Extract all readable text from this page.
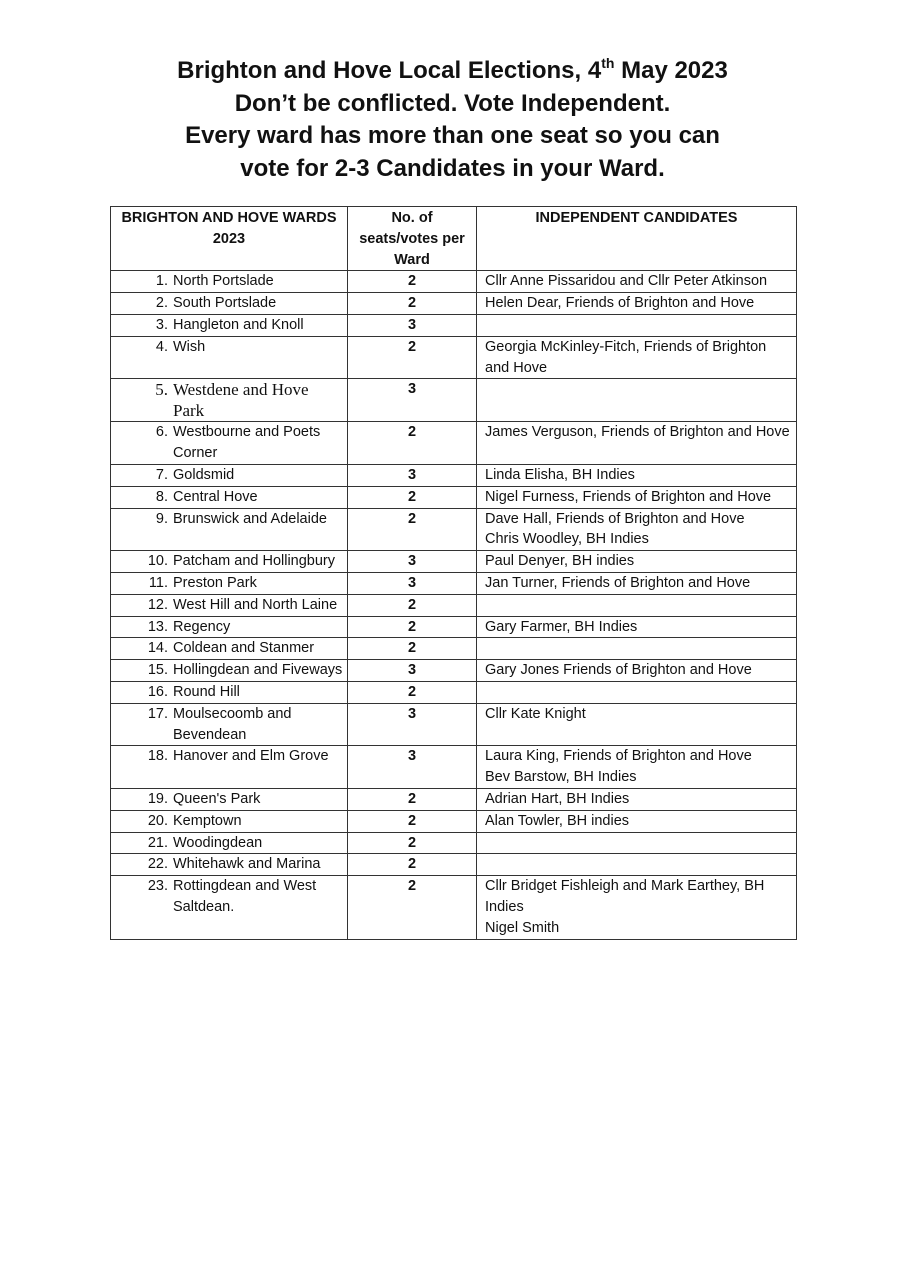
Brighton and Hove Local Elections, 4th May 2023
Don’t be conflicted. Vote Independent.
Every ward has more than one seat so you can
vote for 2-3 Candidates in your Ward.
BRIGHTON AND HOVE WARDS 2023	No. of seats/votes per Ward	INDEPENDENT CANDIDATES

1. North Portslade	2	Cllr Anne Pissaridou and Cllr Peter Atkinson

2. South Portslade	2	Helen Dear, Friends of Brighton and Hove

3. Hangleton and Knoll	3	

4. Wish	2	Georgia McKinley-Fitch, Friends of Brighton and Hove

5. Westdene and Hove Park	3	

6. Westbourne and Poets Corner	2	James Verguson, Friends of Brighton and Hove

7. Goldsmid	3	Linda Elisha, BH Indies

8. Central Hove	2	Nigel Furness, Friends of Brighton and Hove

9. Brunswick and Adelaide	2	Dave Hall, Friends of Brighton and Hove
Chris Woodley, BH Indies

10. Patcham and Hollingbury	3	Paul Denyer, BH indies

11. Preston Park	3	Jan Turner, Friends of Brighton and Hove

12. West Hill and North Laine	2	

13. Regency	2	Gary Farmer, BH Indies

14. Coldean and Stanmer	2	

15. Hollingdean and Fiveways	3	Gary Jones Friends of Brighton and Hove

16. Round Hill	2	

17. Moulsecoomb and Bevendean	3	Cllr Kate Knight

18. Hanover and Elm Grove	3	Laura King, Friends of Brighton and Hove
Bev Barstow, BH Indies

19. Queen's Park	2	Adrian Hart, BH Indies

20. Kemptown	2	Alan Towler, BH indies

21. Woodingdean	2	

22. Whitehawk and Marina	2	

23. Rottingdean and West Saltdean.	2	Cllr Bridget Fishleigh and Mark Earthey, BH Indies
Nigel Smith
